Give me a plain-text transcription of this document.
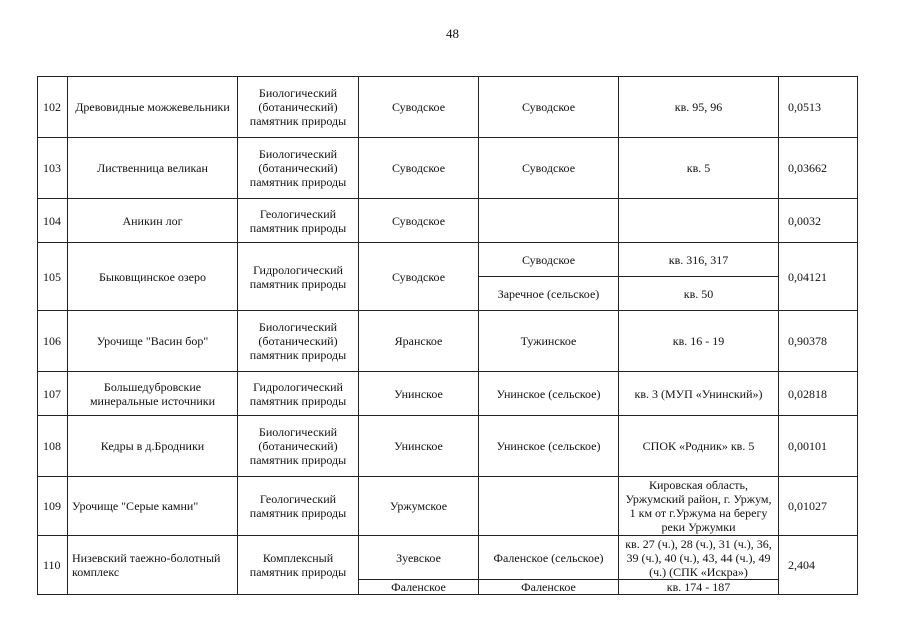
48
102	Древовидные можжевельники	Биологический (ботанический) памятник природы	Суводское	Суводское	кв. 95, 96	0,0513
103	Лиственница великан	Биологический (ботанический) памятник природы	Суводское	Суводское	кв. 5	0,03662
104	Аникин лог	Геологический памятник природы	Суводское			0,0032
105	Быковщинское озеро	Гидрологический памятник природы	Суводское	Суводское	кв. 316, 317	0,04121
				Заречное (сельское)	кв. 50	
106	Урочище "Васин бор"	Биологический (ботанический) памятник природы	Яранское	Тужинское	кв. 16 - 19	0,90378
107	Большедубровские минеральные источники	Гидрологический памятник природы	Унинское	Унинское (сельское)	кв. 3 (МУП «Унинский»)	0,02818
108	Кедры в д.Бродники	Биологический (ботанический) памятник природы	Унинское	Унинское (сельское)	СПОК «Родник» кв. 5	0,00101
109	Урочище "Серые камни"	Геологический памятник природы	Уржумское		Кировская область, Уржумский район, г. Уржум, 1 км от г.Уржума на берегу реки Уржумки	0,01027
110	Низевский таежно-болотный комплекс	Комплексный памятник природы	Зуевское	Фаленское (сельское)	кв. 27 (ч.), 28 (ч.), 31 (ч.), 36, 39 (ч.), 40 (ч.), 43, 44 (ч.), 49 (ч.) (СПК «Искра»)	2,404
			Фаленское	Фаленское	кв. 174 - 187	
